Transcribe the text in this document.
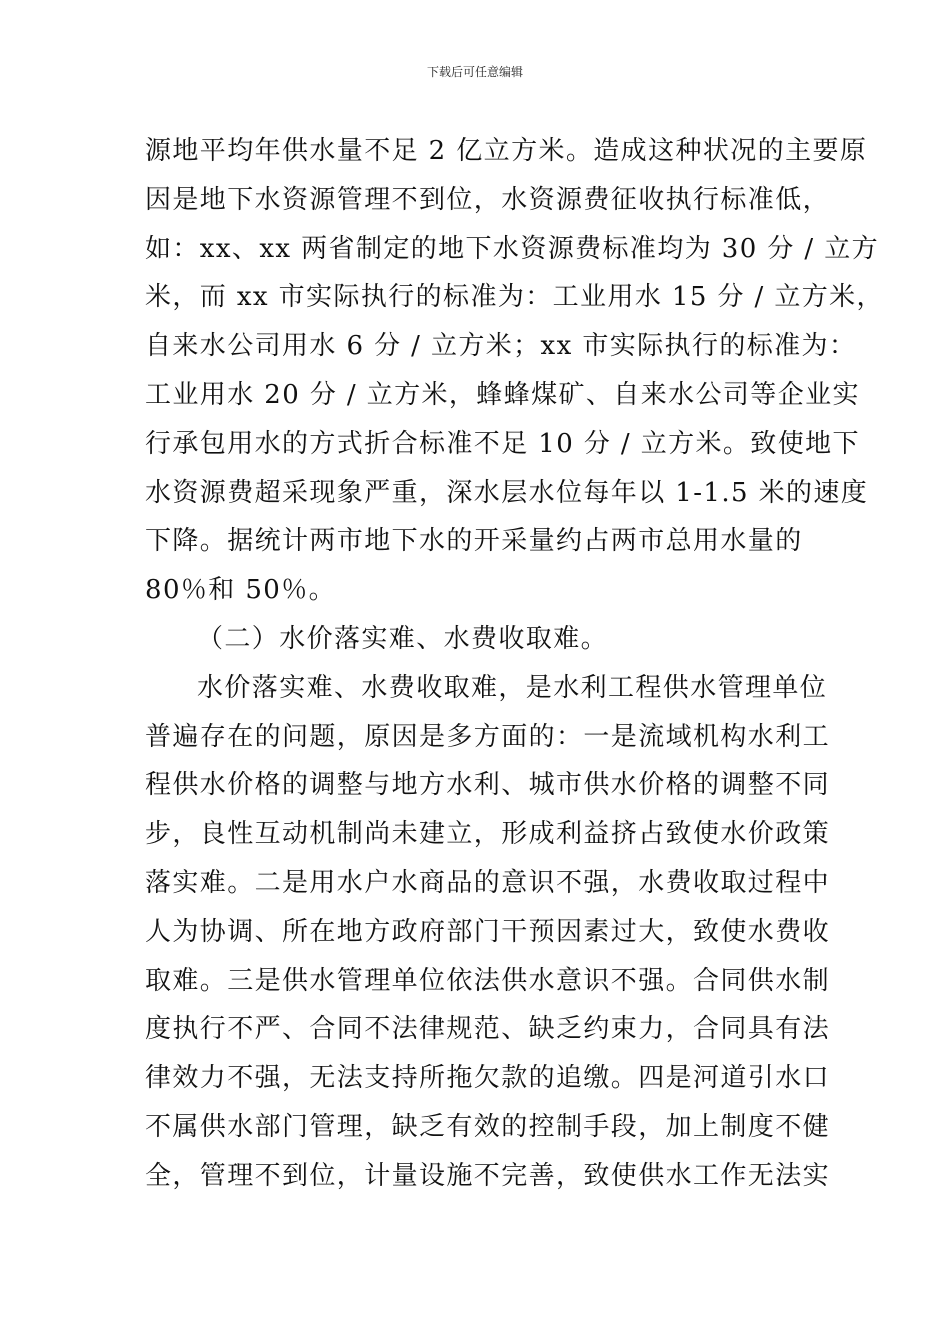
下载后可任意编辑
源地平均年供水量不足 2 亿立方米。造成这种状况的主要原
因是地下水资源管理不到位，水资源费征收执行标准低，
如：xx、xx 两省制定的地下水资源费标准均为 30 分 / 立方
米，而 xx 市实际执行的标准为：工业用水 15 分 / 立方米，
自来水公司用水 6 分 / 立方米；xx 市实际执行的标准为：
工业用水 20 分 / 立方米，蜂蜂煤矿、自来水公司等企业实
行承包用水的方式折合标准不足 10 分 / 立方米。致使地下
水资源费超采现象严重，深水层水位每年以 1-1.5 米的速度
下降。据统计两市地下水的开采量约占两市总用水量的
80％和 50％。
（二）水价落实难、水费收取难。
水价落实难、水费收取难，是水利工程供水管理单位
普遍存在的问题，原因是多方面的：一是流域机构水利工
程供水价格的调整与地方水利、城市供水价格的调整不同
步，良性互动机制尚未建立，形成利益挤占致使水价政策
落实难。二是用水户水商品的意识不强，水费收取过程中
人为协调、所在地方政府部门干预因素过大，致使水费收
取难。三是供水管理单位依法供水意识不强。合同供水制
度执行不严、合同不法律规范、缺乏约束力，合同具有法
律效力不强，无法支持所拖欠款的追缴。四是河道引水口
不属供水部门管理，缺乏有效的控制手段，加上制度不健
全，管理不到位，计量设施不完善，致使供水工作无法实
